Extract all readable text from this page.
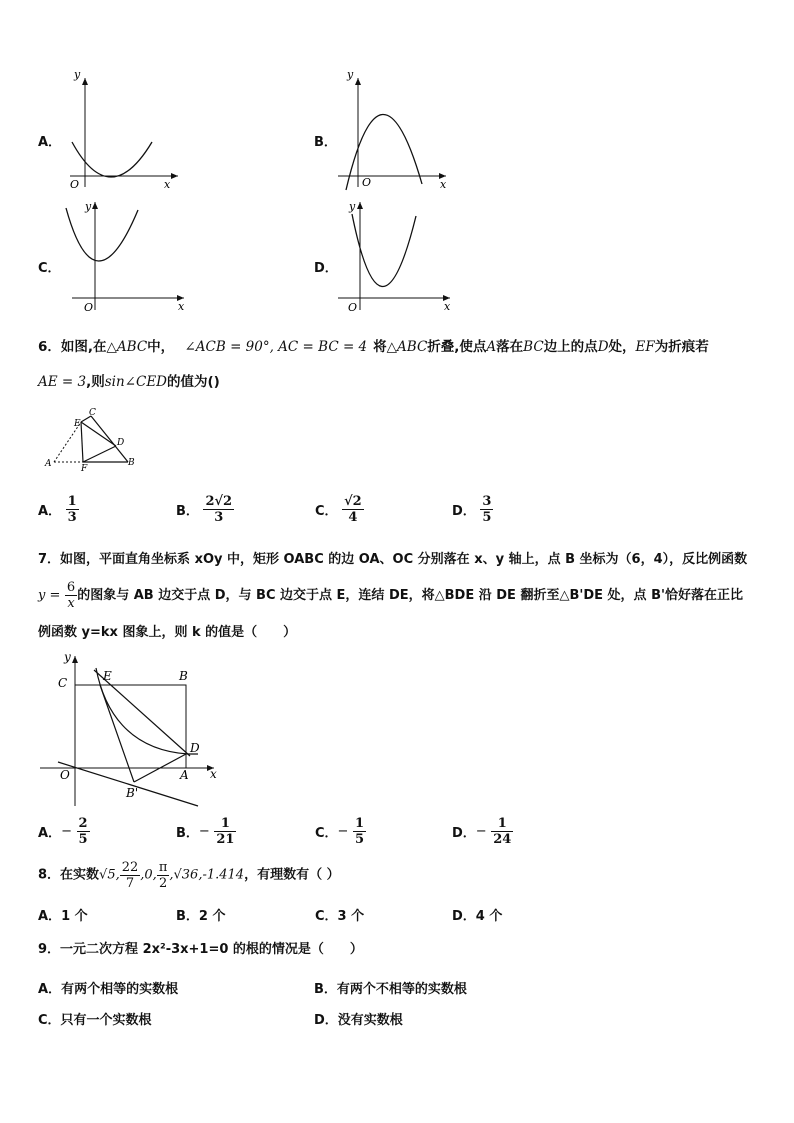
A．
y
x
O
B．
y
x
O
C．
y
x
O
D．
y
x
O
6．如图,在△ABC中， ∠ACB = 90°, AC = BC = 4 将△ABC折叠,使点A落在BC边上的点D处，EF为折痕若
AE = 3,则sin∠CED的值为()
C
E
D
A	F
B
A． $\frac{1}{3}$	B． $\frac{2√2}{3}$	C． $\frac{√2}{4}$	D． $\frac{3}{5}$
7．如图，平面直角坐标系 xOy 中，矩形 OABC 的边 OA、OC 分别落在 x、y 轴上，点 B 坐标为（6，4），反比例函数
$y = \frac{6}{x}$ 的图象与 AB 边交于点 D，与 BC 边交于点 E，连结 DE，将△BDE 沿 DE 翻折至△B'DE 处，点 B'恰好落在正比
例函数 y=kx 图象上，则 k 的值是（　　）
y
x
C	E	B
D
O	A
B'
A．− $\frac{2}{5}$	B．− $\frac{1}{21}$	C．− $\frac{1}{5}$	D．− $\frac{1}{24}$
8．在实数√5, $\frac{22}{7} ,0$, $\frac{\pi}{2} ,√36,-1.414$，有理数有（ ）
A．1 个	B．2 个	C．3 个	D．4 个
9．一元二次方程 2x²-3x+1=0 的根的情况是（　　）
A．有两个相等的实数根	B．有两个不相等的实数根
C．只有一个实数根	D．没有实数根
